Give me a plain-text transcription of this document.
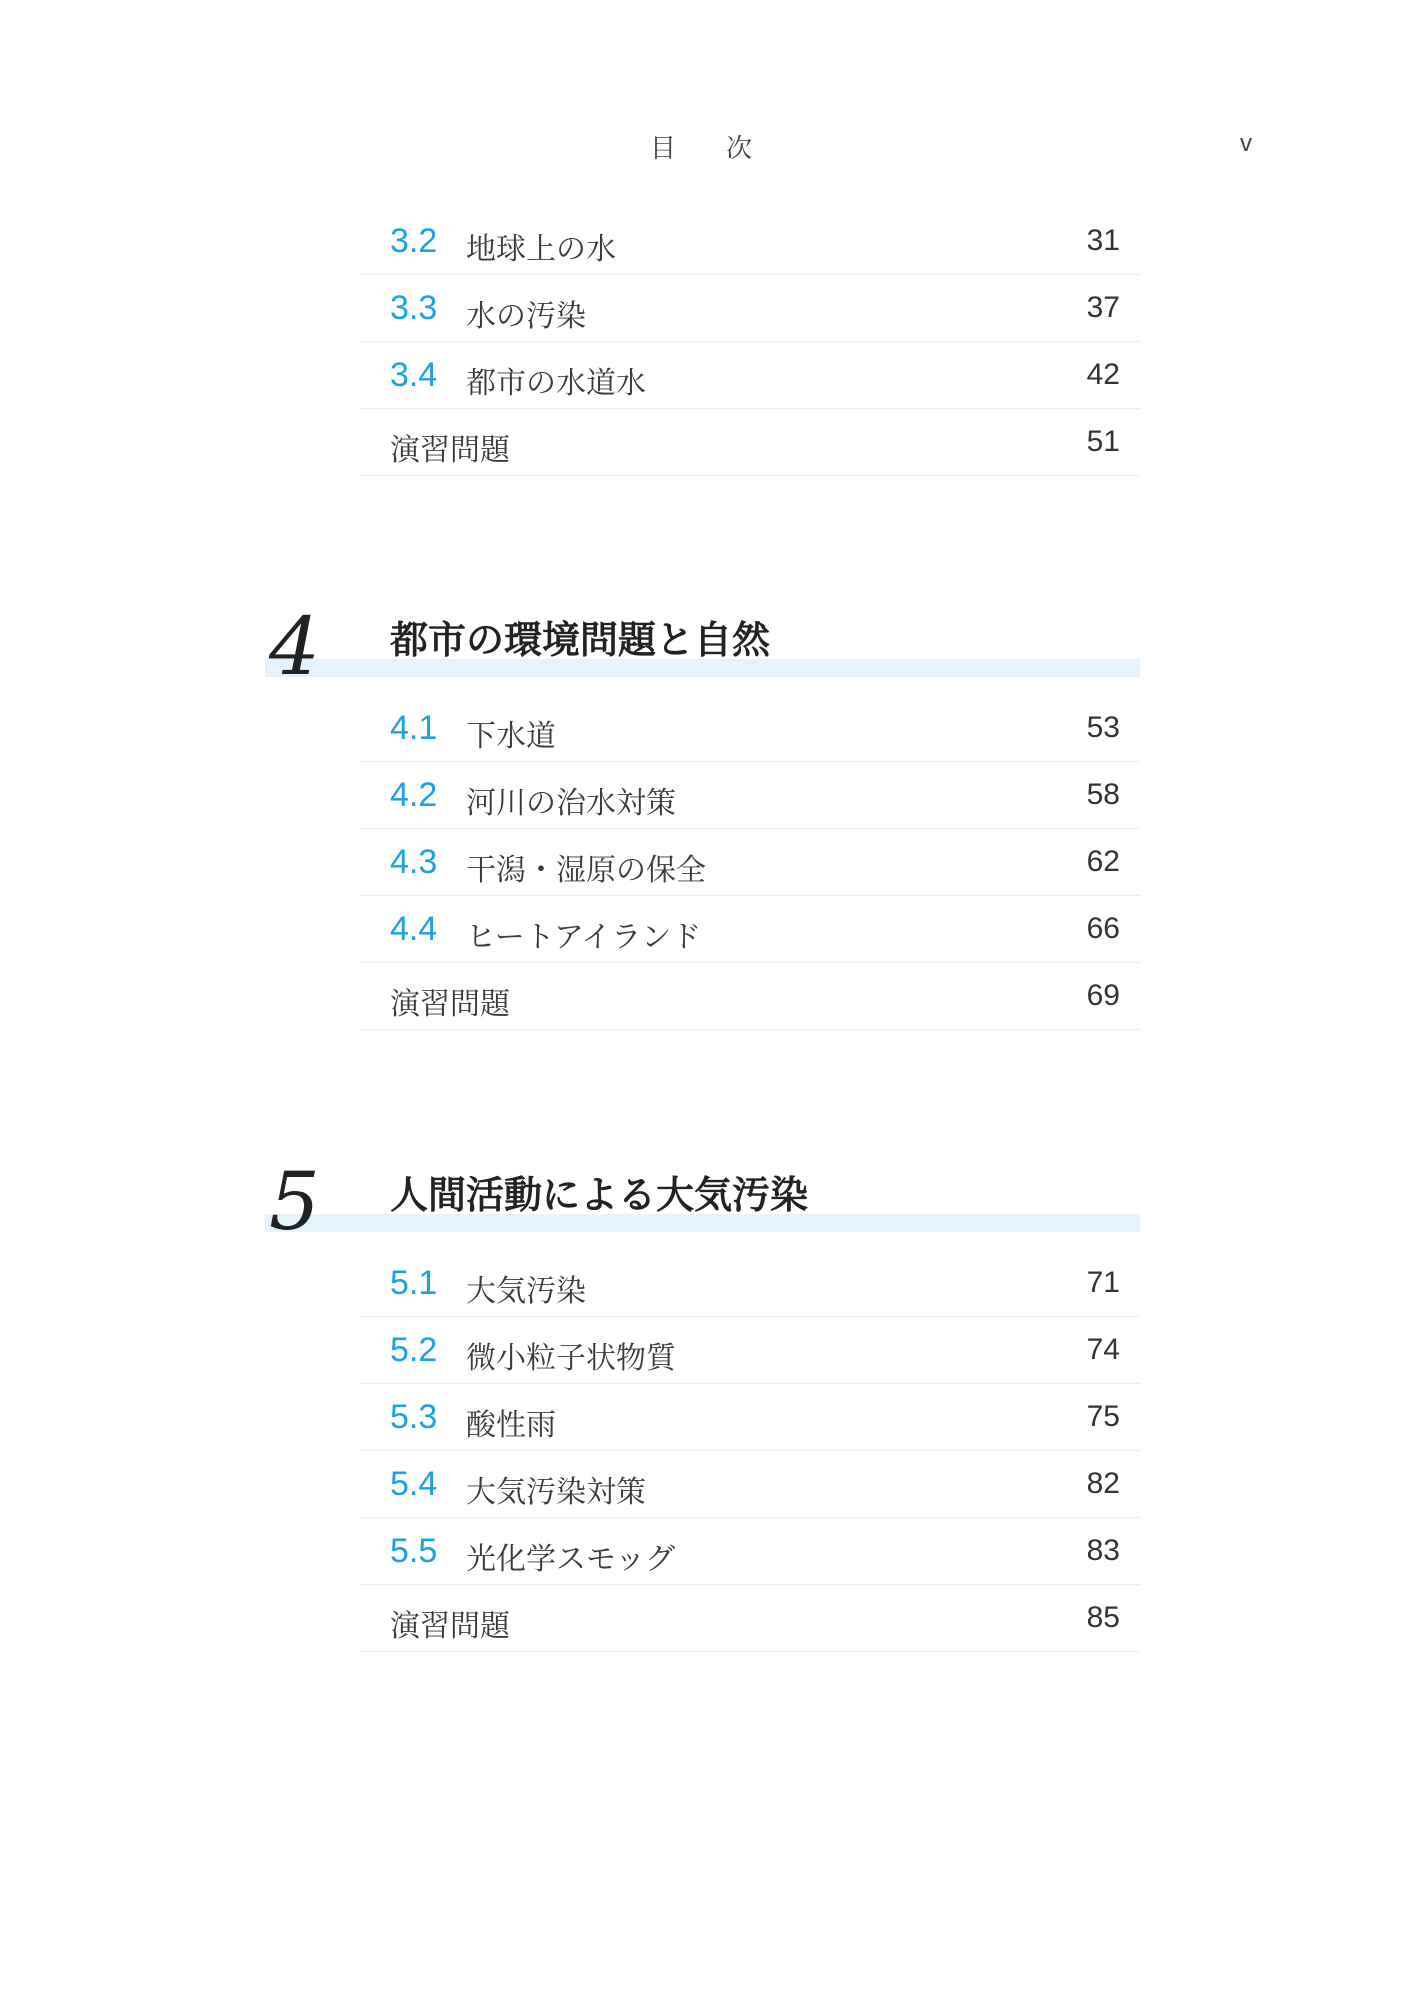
目次	v
3.2 地球上の水	31
3.3 水の汚染	37
3.4 都市の水道水	42
演習問題	51
4 都市の環境問題と自然
4.1 下水道	53
4.2 河川の治水対策	58
4.3 干潟・湿原の保全	62
4.4 ヒートアイランド	66
演習問題	69
5 人間活動による大気汚染
5.1 大気汚染	71
5.2 微小粒子状物質	74
5.3 酸性雨	75
5.4 大気汚染対策	82
5.5 光化学スモッグ	83
演習問題	85
